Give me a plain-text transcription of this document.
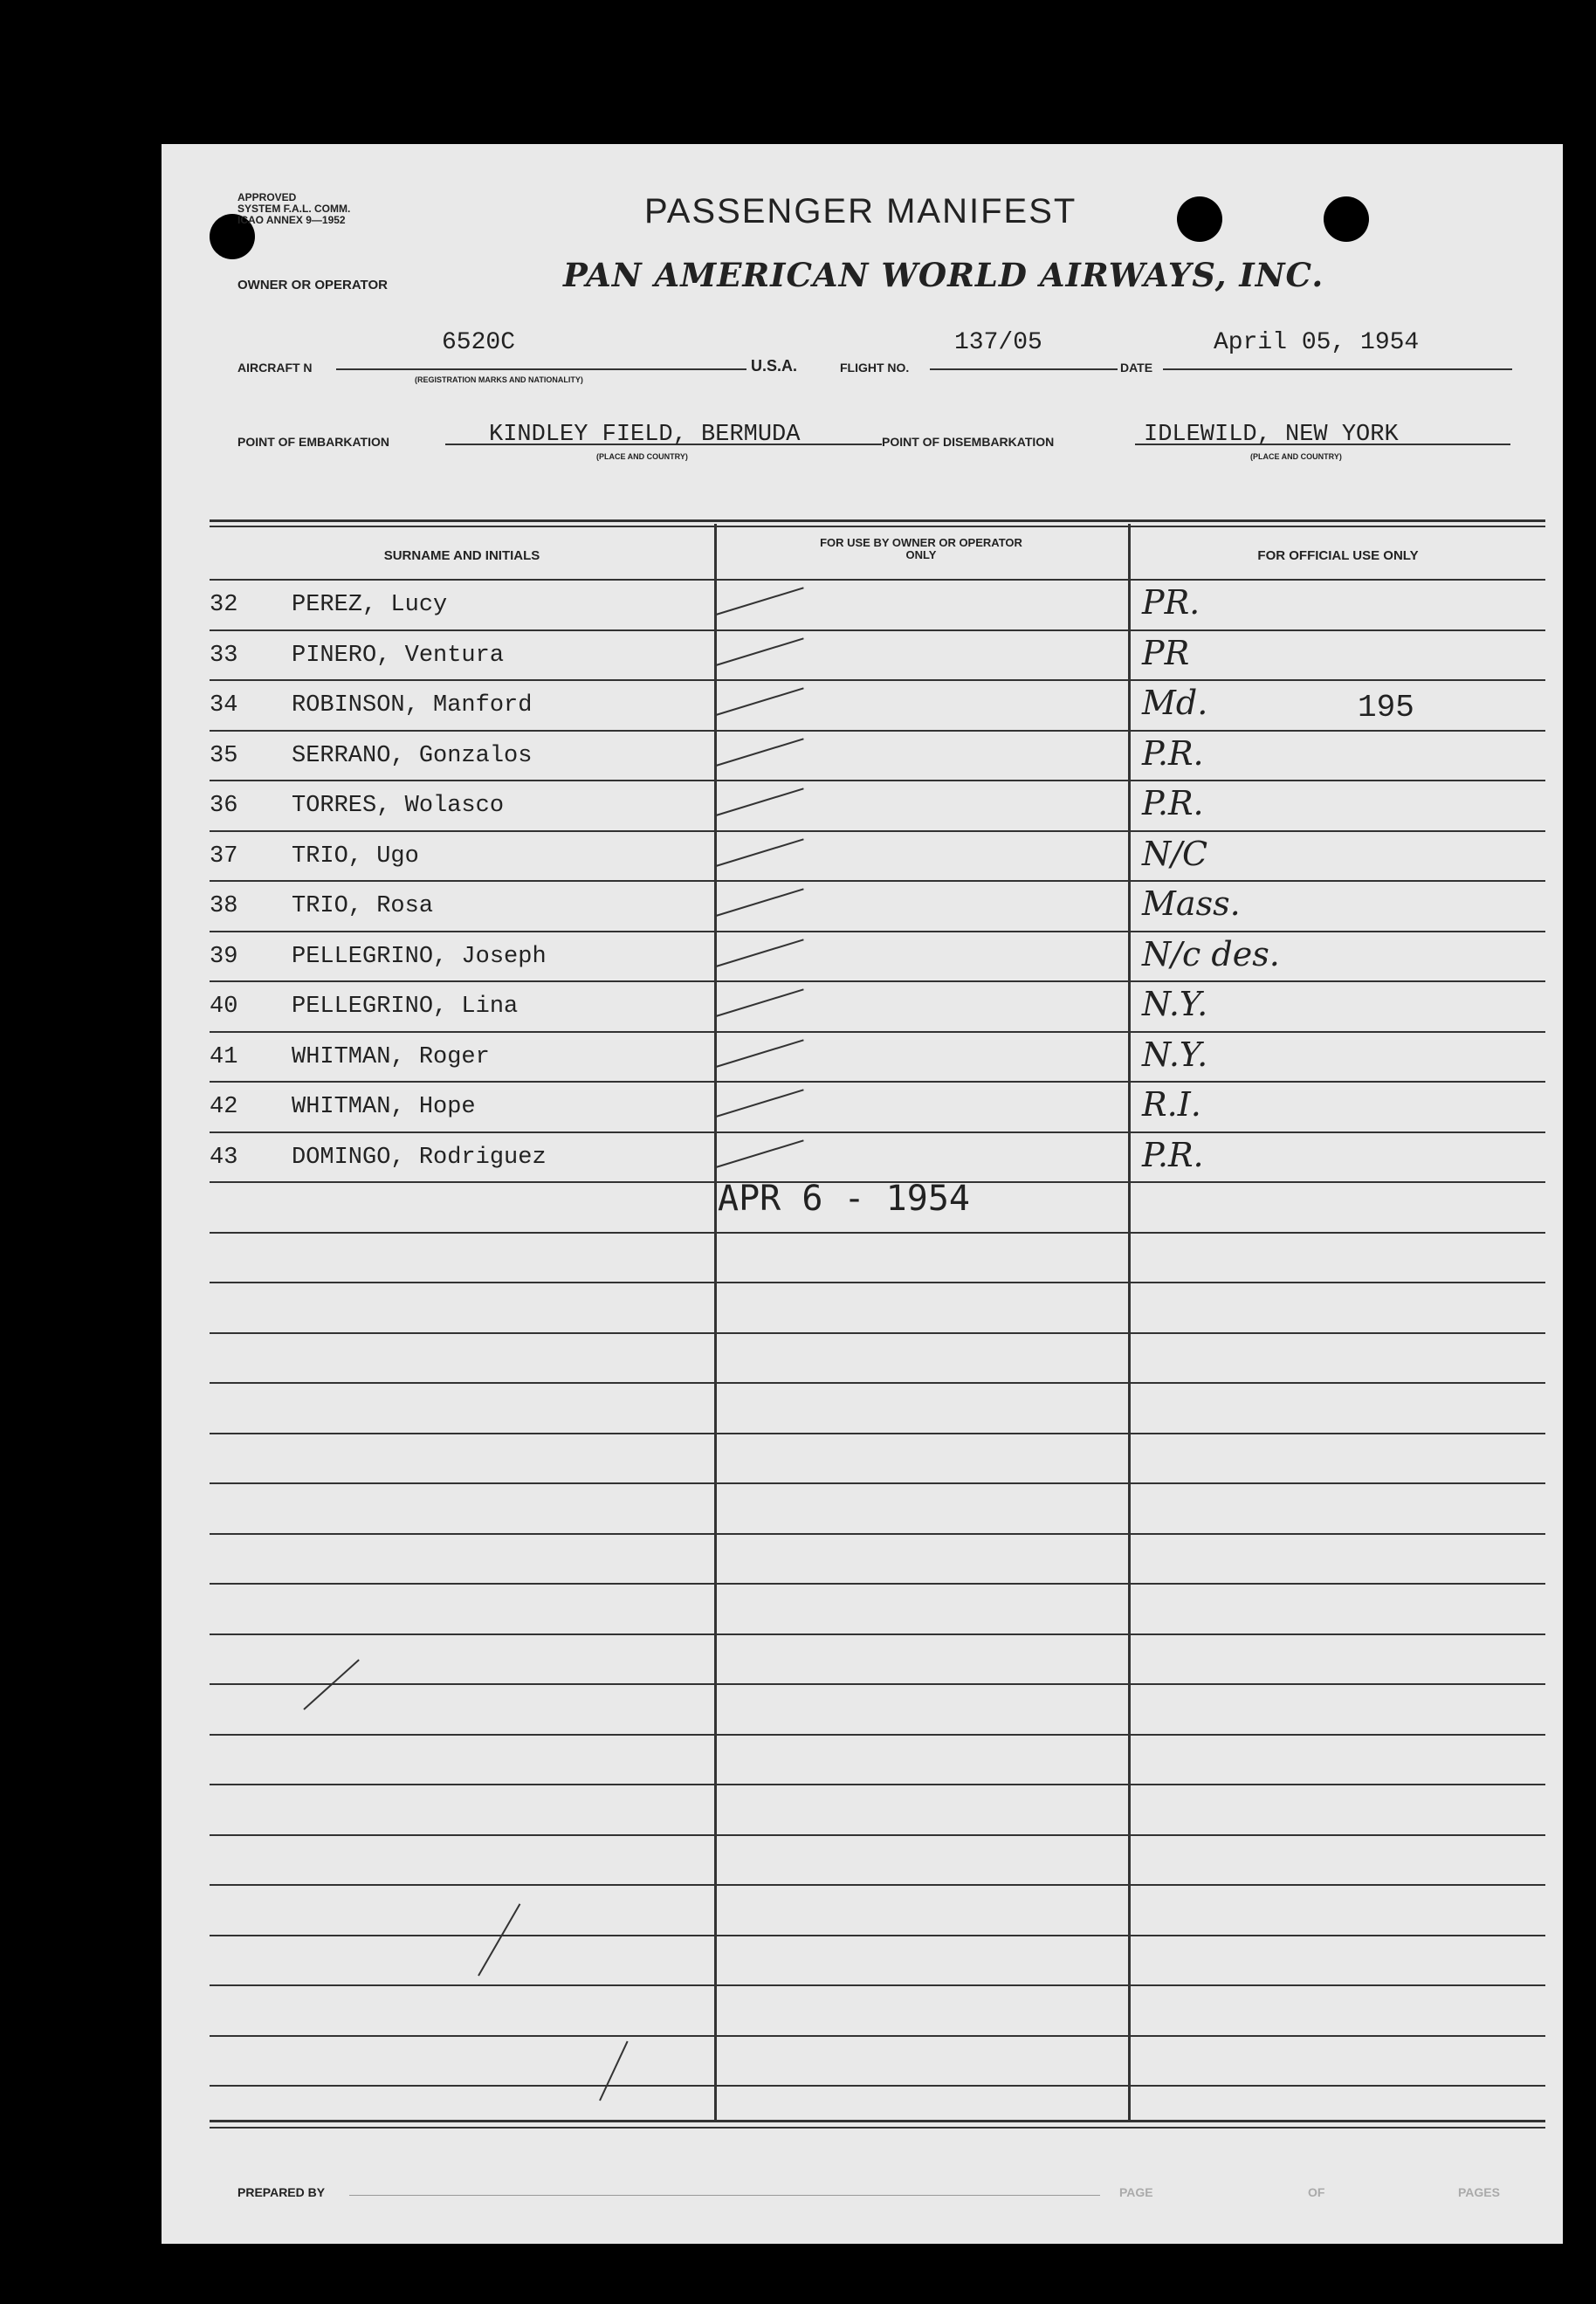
APPROVED
SYSTEM F.A.L. COMM.
ICAO ANNEX 9—1952
OWNER OR OPERATOR
PASSENGER MANIFEST
PAN AMERICAN WORLD AIRWAYS, INC.
AIRCRAFT N
6520C
(REGISTRATION MARKS AND NATIONALITY)
U.S.A.	FLIGHT NO.
137/05
DATE
April 05, 1954
POINT OF EMBARKATION	KINDLEY FIELD, BERMUDA
(PLACE AND COUNTRY)
POINT OF DISEMBARKATION	IDLEWILD, NEW YORK
(PLACE AND COUNTRY)
SURNAME AND INITIALS
FOR USE BY OWNER OR OPERATOR ONLY	FOR OFFICIAL USE ONLY
32 PEREZ, Lucy	PR.
33 PINERO, Ventura	PR
34 ROBINSON, Manford	Md.	195
35 SERRANO, Gonzalos	P.R.
36 TORRES, Wolasco	P.R.
37 TRIO, Ugo	N/C
38 TRIO, Rosa	Mass.
39 PELLEGRINO, Joseph	N/c des.
40 PELLEGRINO, Lina	N.Y.
41 WHITMAN, Roger	N.Y.
42 WHITMAN, Hope	R.I.
43 DOMINGO, Rodriguez	P.R.
APR 6 - 1954
PREPARED BY	PAGE	OF	PAGES
